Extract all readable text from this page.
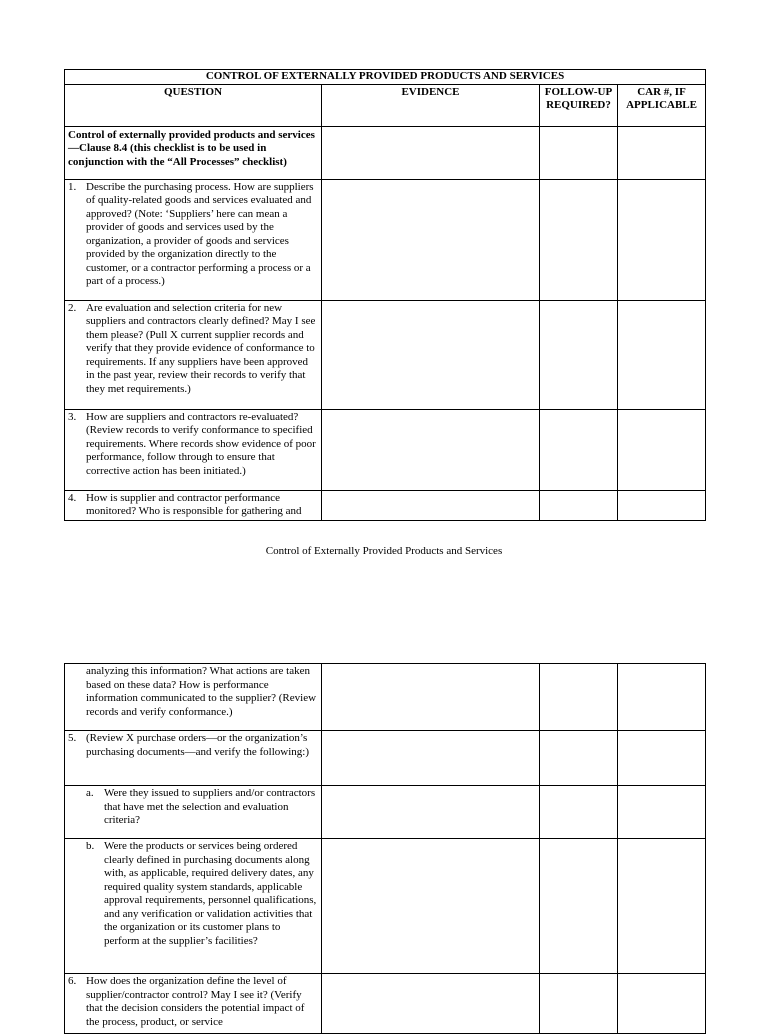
CONTROL OF EXTERNALLY PROVIDED PRODUCTS AND SERVICES			
QUESTION	EVIDENCE	FOLLOW-UP REQUIRED?	CAR #, IF APPLICABLE
Control of externally provided products and services—Clause 8.4 (this checklist is to be used in conjunction with the “All Processes” checklist)			

1. Describe the purchasing process. How are suppliers of quality-related goods and services evaluated and approved? (Note: ‘Suppliers’ here can mean a provider of goods and services used by the organization, a provider of goods and services provided by the organization directly to the customer, or a contractor performing a process or a part of a process.)			

2. Are evaluation and selection criteria for new suppliers and contractors clearly defined? May I see them please? (Pull X current supplier records and verify that they provide evidence of conformance to requirements. If any suppliers have been approved in the past year, review their records to verify that they met requirements.)			

3. How are suppliers and contractors re-evaluated? (Review records to verify conformance to specified requirements. Where records show evidence of poor performance, follow through to ensure that corrective action has been initiated.)			

4. How is supplier and contractor performance monitored? Who is responsible for gathering and			

Control of Externally Provided Products and Services
analyzing this information? What actions are taken based on these data? How is performance information communicated to the supplier? (Review records and verify conformance.)			

5. (Review X purchase orders—or the organization’s purchasing documents—and verify the following:)			

a. Were they issued to suppliers and/or contractors that have met the selection and evaluation criteria?			

b. Were the products or services being ordered clearly defined in purchasing documents along with, as applicable, required delivery dates, any required quality system standards, applicable approval requirements, personnel qualifications, and any verification or validation activities that the organization or its customer plans to perform at the supplier’s facilities?			

6. How does the organization define the level of supplier/contractor control? May I see it? (Verify that the decision considers the potential impact of the process, product, or service			
